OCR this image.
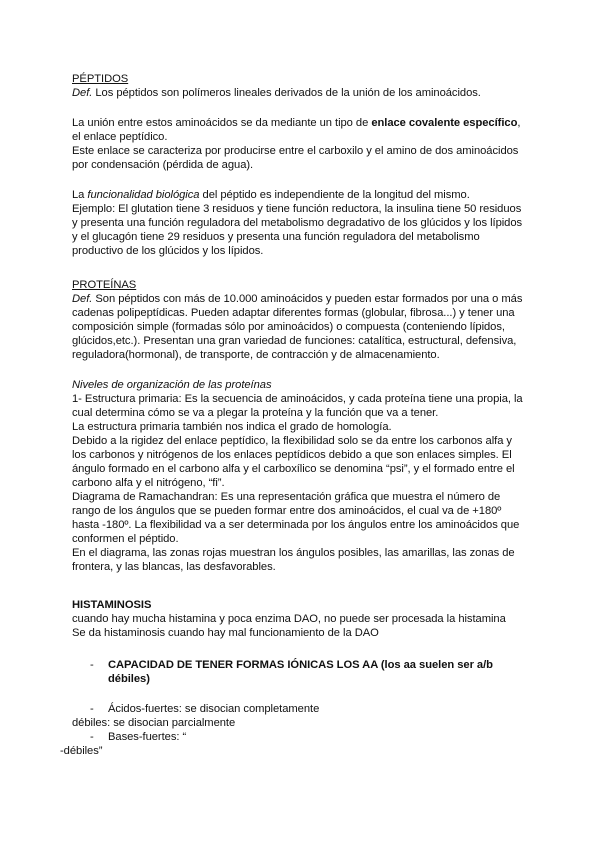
PÉPTIDOS
Def. Los péptidos son polímeros lineales derivados de la unión de los aminoácidos.
La unión entre estos aminoácidos se da mediante un tipo de enlace covalente específico,
el enlace peptídico.
Este enlace se caracteriza por producirse entre el carboxilo y el amino de dos aminoácidos
por condensación (pérdida de agua).
La funcionalidad biológica del péptido es independiente de la longitud del mismo.
Ejemplo: El glutation tiene 3 residuos y tiene función reductora, la insulina tiene 50 residuos
y presenta una función reguladora del metabolismo degradativo de los glúcidos y los lípidos
y el glucagón tiene 29 residuos y presenta una función reguladora del metabolismo
productivo de los glúcidos y los lípidos.
PROTEÍNAS
Def. Son péptidos con más de 10.000 aminoácidos y pueden estar formados por una o más
cadenas polipeptídicas. Pueden adaptar diferentes formas (globular, fibrosa...) y tener una
composición simple (formadas sólo por aminoácidos) o compuesta (conteniendo lípidos,
glúcidos,etc.). Presentan una gran variedad de funciones: catalítica, estructural, defensiva,
reguladora(hormonal), de transporte, de contracción y de almacenamiento.
Niveles de organización de las proteínas
1- Estructura primaria: Es la secuencia de aminoácidos, y cada proteína tiene una propia, la
cual determina cómo se va a plegar la proteína y la función que va a tener.
La estructura primaria también nos indica el grado de homología.
Debido a la rigidez del enlace peptídico, la flexibilidad solo se da entre los carbonos alfa y
los carbonos y nitrógenos de los enlaces peptídicos debido a que son enlaces simples. El
ángulo formado en el carbono alfa y el carboxílico se denomina “psi”, y el formado entre el
carbono alfa y el nitrógeno, “fi”.
Diagrama de Ramachandran: Es una representación gráfica que muestra el número de
rango de los ángulos que se pueden formar entre dos aminoácidos, el cual va de +180º
hasta -180º. La flexibilidad va a ser determinada por los ángulos entre los aminoácidos que
conformen el péptido.
En el diagrama, las zonas rojas muestran los ángulos posibles, las amarillas, las zonas de
frontera, y las blancas, las desfavorables.
HISTAMINOSIS
cuando hay mucha histamina y poca enzima DAO, no puede ser procesada la histamina
Se da histaminosis cuando hay mal funcionamiento de la DAO
- CAPACIDAD DE TENER FORMAS IÓNICAS LOS AA (los aa suelen ser a/b
débiles)
- Ácidos-fuertes: se disocian completamente
débiles: se disocian parcialmente
- Bases-fuertes: “
-débiles”
